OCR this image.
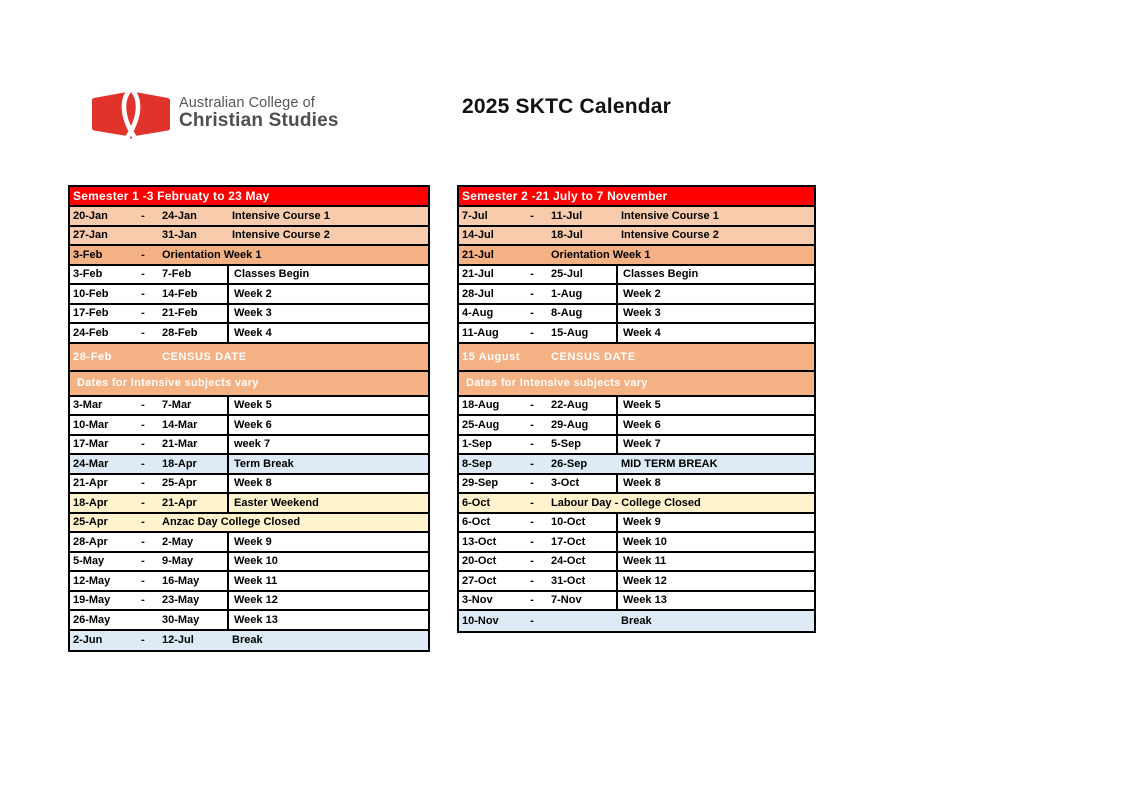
Australian College of
Christian Studies
2025 SKTC Calendar
Semester 1 -3 Februaty to 23 May
20-Jan	-	24-Jan	Intensive Course 1
27-Jan	31-Jan	Intensive Course 2
3-Feb	-	Orientation Week 1
3-Feb	-	7-Feb	Classes Begin
10-Feb	-	14-Feb	Week 2
17-Feb	-	21-Feb	Week 3
24-Feb	-	28-Feb	Week 4
28-Feb	CENSUS DATE
Dates for Intensive subjects vary
3-Mar	-	7-Mar	Week 5
10-Mar	-	14-Mar	Week 6
17-Mar	-	21-Mar	week 7
24-Mar	-	18-Apr	Term Break
21-Apr	-	25-Apr	Week 8
18-Apr	-	21-Apr	Easter Weekend
25-Apr	-	Anzac Day College Closed
28-Apr	-	2-May	Week 9
5-May	-	9-May	Week 10
12-May	-	16-May	Week 11
19-May	-	23-May	Week 12
26-May	30-May	Week 13
2-Jun	-	12-Jul	Break
Semester 2 -21 July to 7 November
7-Jul	-	11-Jul	Intensive Course 1
14-Jul	18-Jul	Intensive Course 2
21-Jul	Orientation Week 1
21-Jul	-	25-Jul	Classes Begin
28-Jul	-	1-Aug	Week 2
4-Aug	-	8-Aug	Week 3
11-Aug	-	15-Aug	Week 4
15 August	CENSUS DATE
Dates for Intensive subjects vary
18-Aug	-	22-Aug	Week 5
25-Aug	-	29-Aug	Week 6
1-Sep	-	5-Sep	Week 7
8-Sep	-	26-Sep	MID TERM BREAK
29-Sep	-	3-Oct	Week 8
6-Oct	-	Labour Day - College Closed
6-Oct	-	10-Oct	Week 9
13-Oct	-	17-Oct	Week 10
20-Oct	-	24-Oct	Week 11
27-Oct	-	31-Oct	Week 12
3-Nov	-	7-Nov	Week 13
10-Nov	-	Break
